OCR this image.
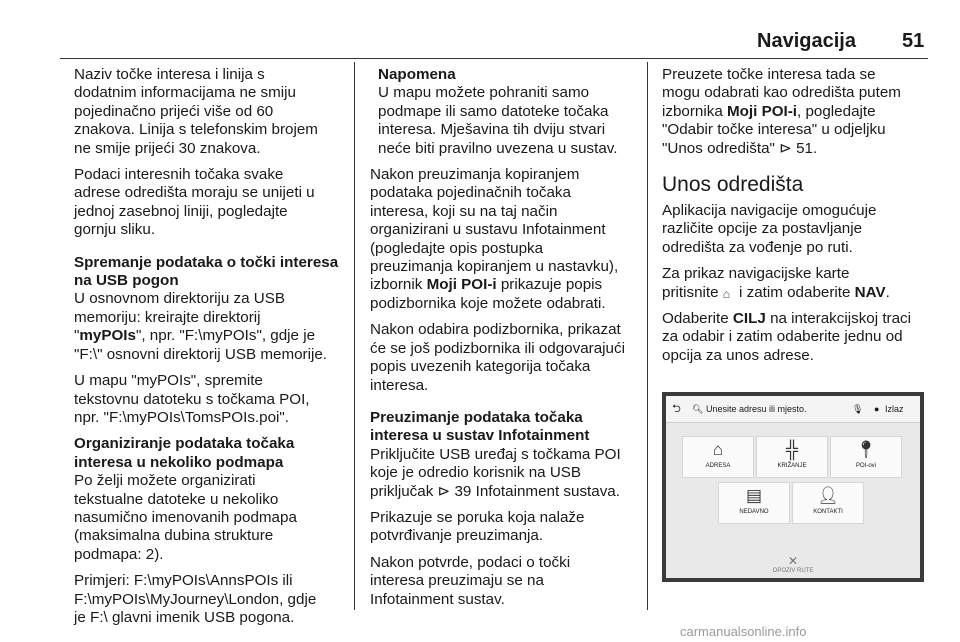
Navigacija 51

Naziv točke interesa i linija s
dodatnim informacijama ne smiju
pojedinačno prijeći više od 60
znakova. Linija s telefonskim brojem
ne smije prijeći 30 znakova.

Podaci interesnih točaka svake
adrese odredišta moraju se unijeti u
jednoj zasebnoj liniji, pogledajte
gornju sliku.

Spremanje podataka o točki interesa
na USB pogon

U osnovnom direktoriju za USB
memoriju: kreirajte direktorij
"myPOIs", npr. "F:\myPOIs", gdje je
"F:\" osnovni direktorij USB memorije.

U mapu "myPOIs", spremite
tekstovnu datoteku s točkama POI,
npr. "F:\myPOIs\TomsPOIs.poi".

Organiziranje podataka točaka
interesa u nekoliko podmapa

Po želji možete organizirati
tekstualne datoteke u nekoliko
nasumično imenovanih podmapa
(maksimalna dubina strukture
podmapa: 2).

Primjeri: F:\myPOIs\AnnsPOIs ili
F:\myPOIs\MyJourney\London, gdje
je F:\ glavni imenik USB pogona.

Napomena
U mapu možete pohraniti samo
podmape ili samo datoteke točaka
interesa. Mješavina tih dviju stvari
neće biti pravilno uvezena u sustav.

Nakon preuzimanja kopiranjem
podataka pojedinačnih točaka
interesa, koji su na taj način
organizirani u sustavu Infotainment
(pogledajte opis postupka
preuzimanja kopiranjem u nastavku),
izbornik Moji POI-i prikazuje popis
podizbornika koje možete odabrati.

Nakon odabira podizbornika, prikazat
će se još podizbornika ili odgovarajući
popis uvezenih kategorija točaka
interesa.

Preuzimanje podataka točaka
interesa u sustav Infotainment

Priključite USB uređaj s točkama POI
koje je odredio korisnik na USB
priključak ⊳ 39 Infotainment sustava.

Prikazuje se poruka koja nalaže
potvrđivanje preuzimanja.

Nakon potvrde, podaci o točki
interesa preuzimaju se na
Infotainment sustav.

Preuzete točke interesa tada se
mogu odabrati kao odredišta putem
izbornika Moji POI-i, pogledajte
"Odabir točke interesa" u odjeljku
"Unos odredišta" ⊳ 51.

Unos odredišta

Aplikacija navigacije omogućuje
različite opcije za postavljanje
odredišta za vođenje po ruti.

Za prikaz navigacijske karte
pritisnite ⌂ i zatim odaberite NAV.

Odaberite CILJ na interakcijskoj traci
za odabir i zatim odaberite jednu od
opcija za unos adrese.

⮌ 🔍︎ Unesite adresu ili mjesto.	🎙︎ ● Izlaz
⌂
ADRESA
╬
KRIŽANJE
📍︎
POI-ovi
▤
NEDAVNO
👤︎
KONTAKTI
✕
OPOZIV RUTE
carmanualsonline.info
